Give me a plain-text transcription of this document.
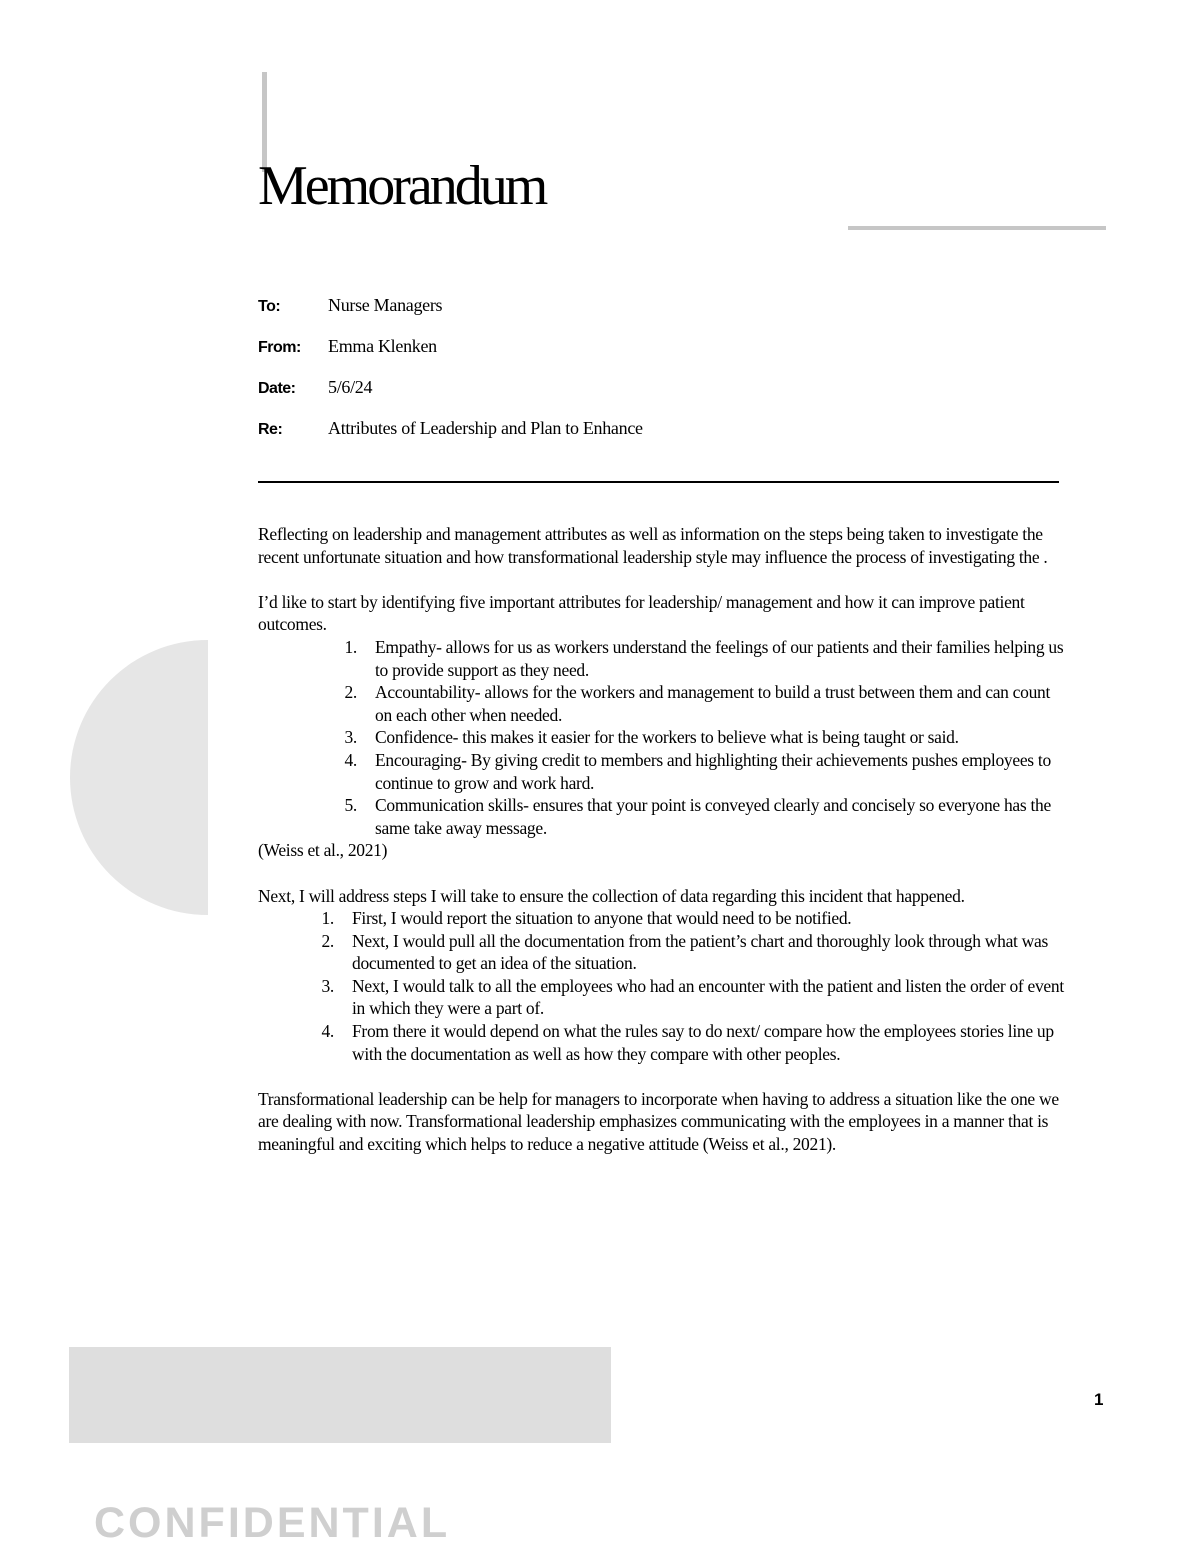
Memorandum
To:	Nurse Managers
From: Emma Klenken
Date: 5/6/24
Re:	Attributes of Leadership and Plan to Enhance

Reflecting on leadership and management attributes as well as information on the steps being taken to investigate the recent unfortunate situation and how transformational leadership style may influence the process of investigating the .

I’d like to start by identifying five important attributes for leadership/ management and how it can improve patient outcomes.

1. Empathy- allows for us as workers understand the feelings of our patients and their families helping us to provide support as they need.
2. Accountability- allows for the workers and management to build a trust between them and can count on each other when needed.
3. Confidence- this makes it easier for the workers to believe what is being taught or said.
4. Encouraging- By giving credit to members and highlighting their achievements pushes employees to continue to grow and work hard.
5. Communication skills- ensures that your point is conveyed clearly and concisely so everyone has the same take away message.

(Weiss et al., 2021)

Next, I will address steps I will take to ensure the collection of data regarding this incident that happened.

1. First, I would report the situation to anyone that would need to be notified.
2. Next, I would pull all the documentation from the patient’s chart and thoroughly look through what was documented to get an idea of the situation.
3. Next, I would talk to all the employees who had an encounter with the patient and listen the order of event in which they were a part of.
4. From there it would depend on what the rules say to do next/ compare how the employees stories line up with the documentation as well as how they compare with other peoples.

Transformational leadership can be help for managers to incorporate when having to address a situation like the one we are dealing with now. Transformational leadership emphasizes communicating with the employees in a manner that is meaningful and exciting which helps to reduce a negative attitude (Weiss et al., 2021).

1
CONFIDENTIAL
